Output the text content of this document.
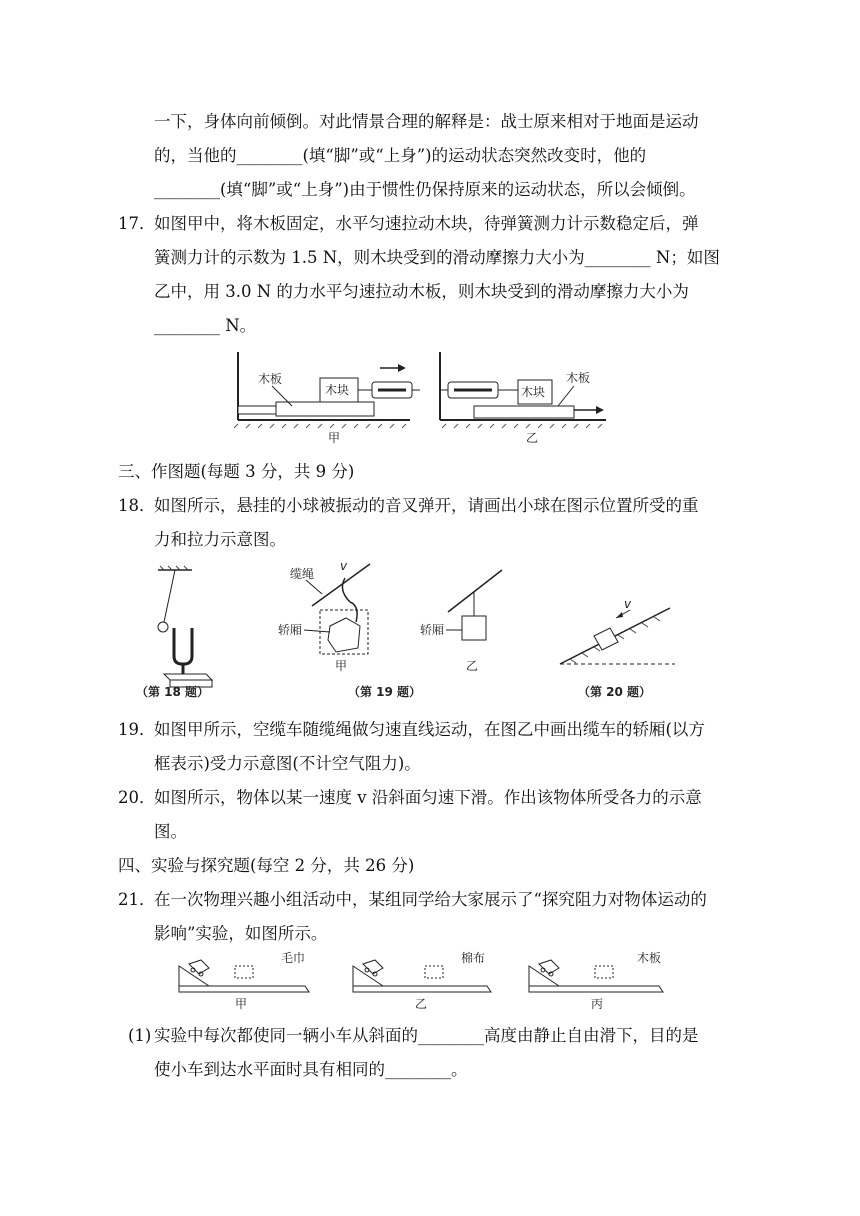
一下，身体向前倾倒。对此情景合理的解释是：战士原来相对于地面是运动
的，当他的________(填“脚”或“上身”)的运动状态突然改变时，他的
________(填“脚”或“上身”)由于惯性仍保持原来的运动状态，所以会倾倒。
17．
如图甲中，将木板固定，水平匀速拉动木块，待弹簧测力计示数稳定后，弹
簧测力计的示数为 1.5 N，则木块受到的滑动摩擦力大小为________ N；如图
乙中，用 3.0 N 的力水平匀速拉动木板，则木块受到的滑动摩擦力大小为
________ N。
木块
木板
甲
木块
木板
乙
三、作图题(每题 3 分，共 9 分)
18．
如图所示，悬挂的小球被振动的音叉弹开，请画出小球在图示位置所受的重
力和拉力示意图。
（第 18 题）
缆绳
v
轿厢
甲
（第 19 题）
轿厢
乙
v
（第 20 题）
19．
如图甲所示，空缆车随缆绳做匀速直线运动，在图乙中画出缆车的轿厢(以方
框表示)受力示意图(不计空气阻力)。
20．
如图所示，物体以某一速度 v 沿斜面匀速下滑。作出该物体所受各力的示意
图。
四、实验与探究题(每空 2 分，共 26 分)
21．
在一次物理兴趣小组活动中，某组同学给大家展示了“探究阻力对物体运动的
影响”实验，如图所示。
毛巾
甲
棉布
乙
木板
丙
(1) 实验中每次都使同一辆小车从斜面的________高度由静止自由滑下，目的是
使小车到达水平面时具有相同的________。
